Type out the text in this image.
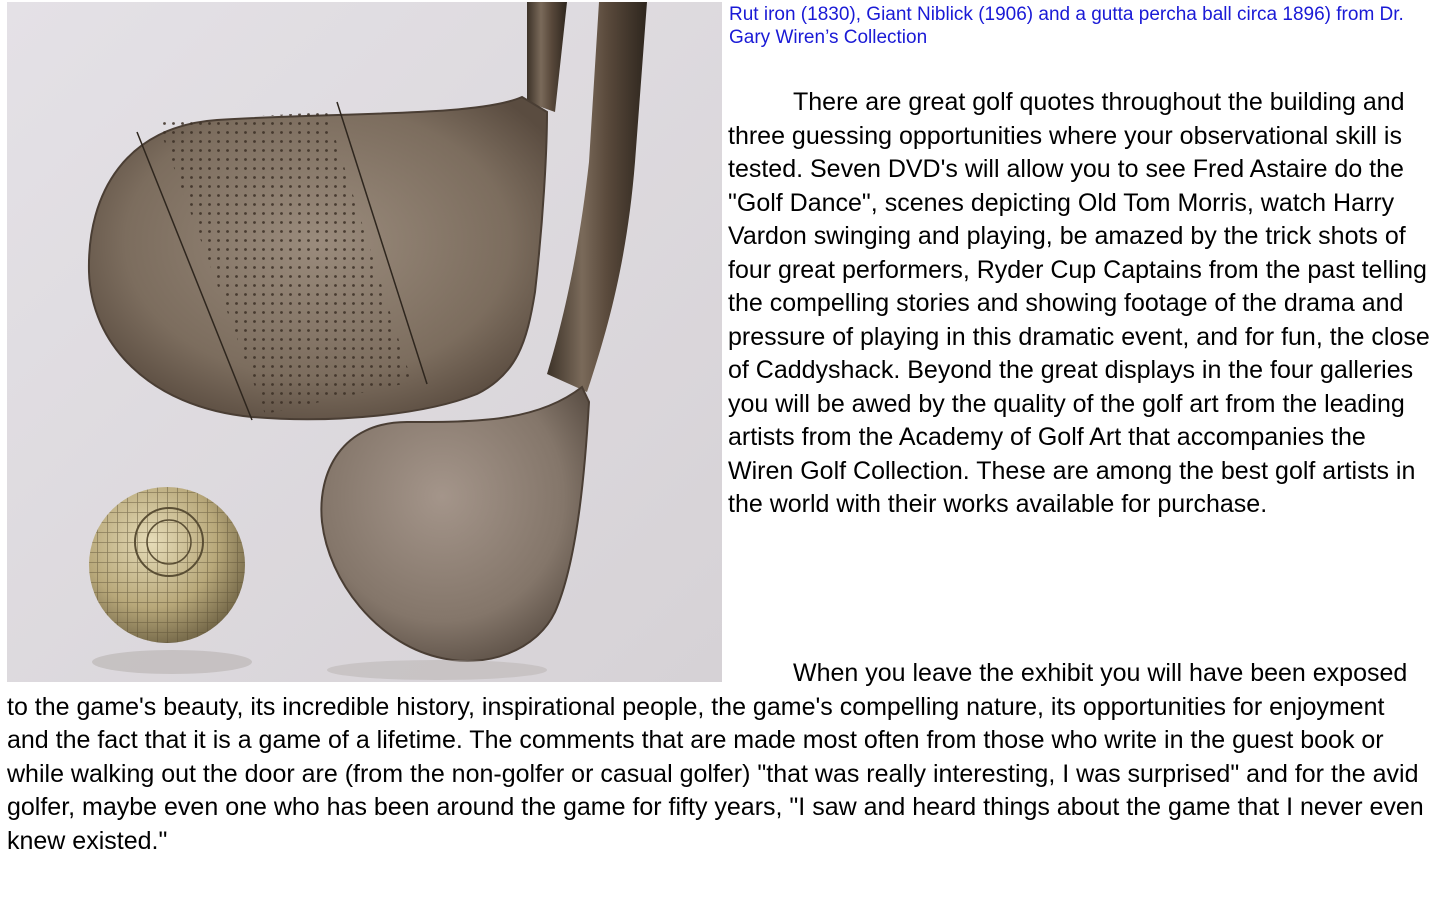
Rut iron (1830), Giant Niblick (1906) and a gutta percha ball circa 1896) from Dr. Gary Wiren’s Collection

There are great golf quotes throughout the building and three guessing opportunities where your observational skill is tested. Seven DVD's will allow you to see Fred Astaire do the "Golf Dance", scenes depicting Old Tom Morris, watch Harry Vardon swinging and playing, be amazed by the trick shots of four great performers, Ryder Cup Captains from the past telling the compelling stories and showing footage of the drama and pressure of playing in this dramatic event, and for fun, the close of Caddyshack. Beyond the great displays in the four galleries you will be awed by the quality of the golf art from the leading artists from the Academy of Golf Art that accompanies the Wiren Golf Collection. These are among the best golf artists in the world with their works available for purchase.

When you leave the exhibit you will have been exposed to the game's beauty, its incredible history, inspirational people, the game's compelling nature, its opportunities for enjoyment and the fact that it is a game of a lifetime. The comments that are made most often from those who write in the guest book or while walking out the door are (from the non-golfer or casual golfer) "that was really interesting, I was surprised" and for the avid golfer, maybe even one who has been around the game for fifty years, "I saw and heard things about the game that I never even knew existed."
